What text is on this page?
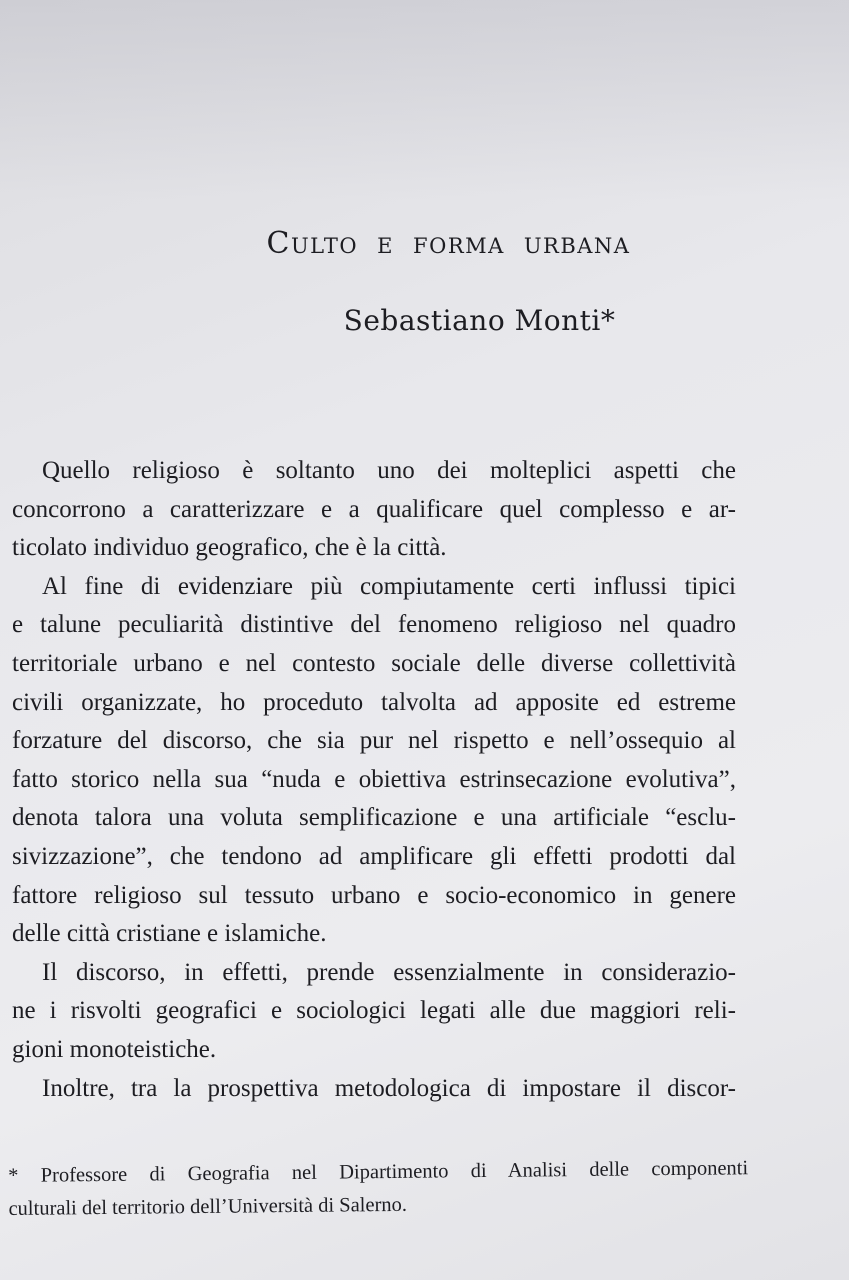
Culto e forma urbana
Sebastiano Monti*

Quello religioso è soltanto uno dei molteplici aspetti che
concorrono a caratterizzare e a qualificare quel complesso e ar-
ticolato individuo geografico, che è la città.

Al fine di evidenziare più compiutamente certi influssi tipici
e talune peculiarità distintive del fenomeno religioso nel quadro
territoriale urbano e nel contesto sociale delle diverse collettività
civili organizzate, ho proceduto talvolta ad apposite ed estreme
forzature del discorso, che sia pur nel rispetto e nell’ossequio al
fatto storico nella sua “nuda e obiettiva estrinsecazione evolutiva”,
denota talora una voluta semplificazione e una artificiale “esclu-
sivizzazione”, che tendono ad amplificare gli effetti prodotti dal
fattore religioso sul tessuto urbano e socio-economico in genere
delle città cristiane e islamiche.

Il discorso, in effetti, prende essenzialmente in considerazio-
ne i risvolti geografici e sociologici legati alle due maggiori reli-
gioni monoteistiche.

Inoltre, tra la prospettiva metodologica di impostare il discor-

* Professore di Geografia nel Dipartimento di Analisi delle componenti
culturali del territorio dell’Università di Salerno.
